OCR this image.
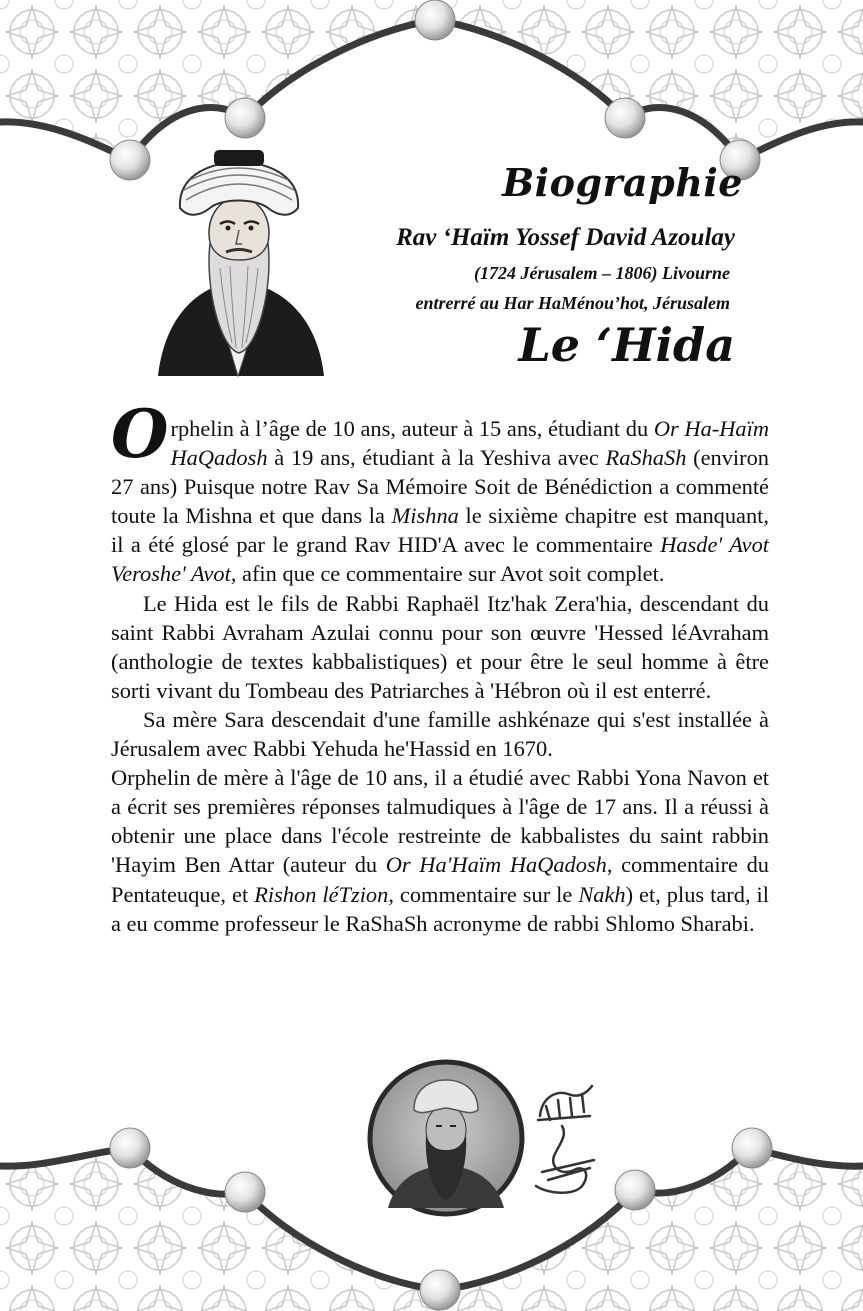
Biographie
Rav ‘Haïm Yossef David Azoulay
(1724 Jérusalem – 1806) Livourne
entrerré au Har HaMénou’hot, Jérusalem
Le ‘Hida

Orphelin à l’âge de 10 ans, auteur à 15 ans, étudiant du Or Ha-Haïm HaQadosh à 19 ans, étudiant à la Yeshiva avec RaShaSh (environ 27 ans) Puisque notre Rav Sa Mémoire Soit de Bénédiction a commenté toute la Mishna et que dans la Mishna le sixième chapitre est manquant, il a été glosé par le grand Rav HID'A avec le commentaire Hasde' Avot Veroshe' Avot, afin que ce commentaire sur Avot soit complet.

Le Hida est le fils de Rabbi Raphaël Itz'hak Zera'hia, descendant du saint Rabbi Avraham Azulai connu pour son œuvre 'Hessed léAvraham (anthologie de textes kabbalistiques) et pour être le seul homme à être sorti vivant du Tombeau des Patriarches à 'Hébron où il est enterré.

Sa mère Sara descendait d'une famille ashkénaze qui s'est installée à Jérusalem avec Rabbi Yehuda he'Hassid en 1670.

Orphelin de mère à l'âge de 10 ans, il a étudié avec Rabbi Yona Navon et a écrit ses premières réponses talmudiques à l'âge de 17 ans. Il a réussi à obtenir une place dans l'école restreinte de kabbalistes du saint rabbin 'Hayim Ben Attar (auteur du Or Ha'Haïm HaQadosh, commentaire du Pentateuque, et Rishon léTzion, commentaire sur le Nakh) et, plus tard, il a eu comme professeur le RaShaSh acronyme de rabbi Shlomo Sharabi.
